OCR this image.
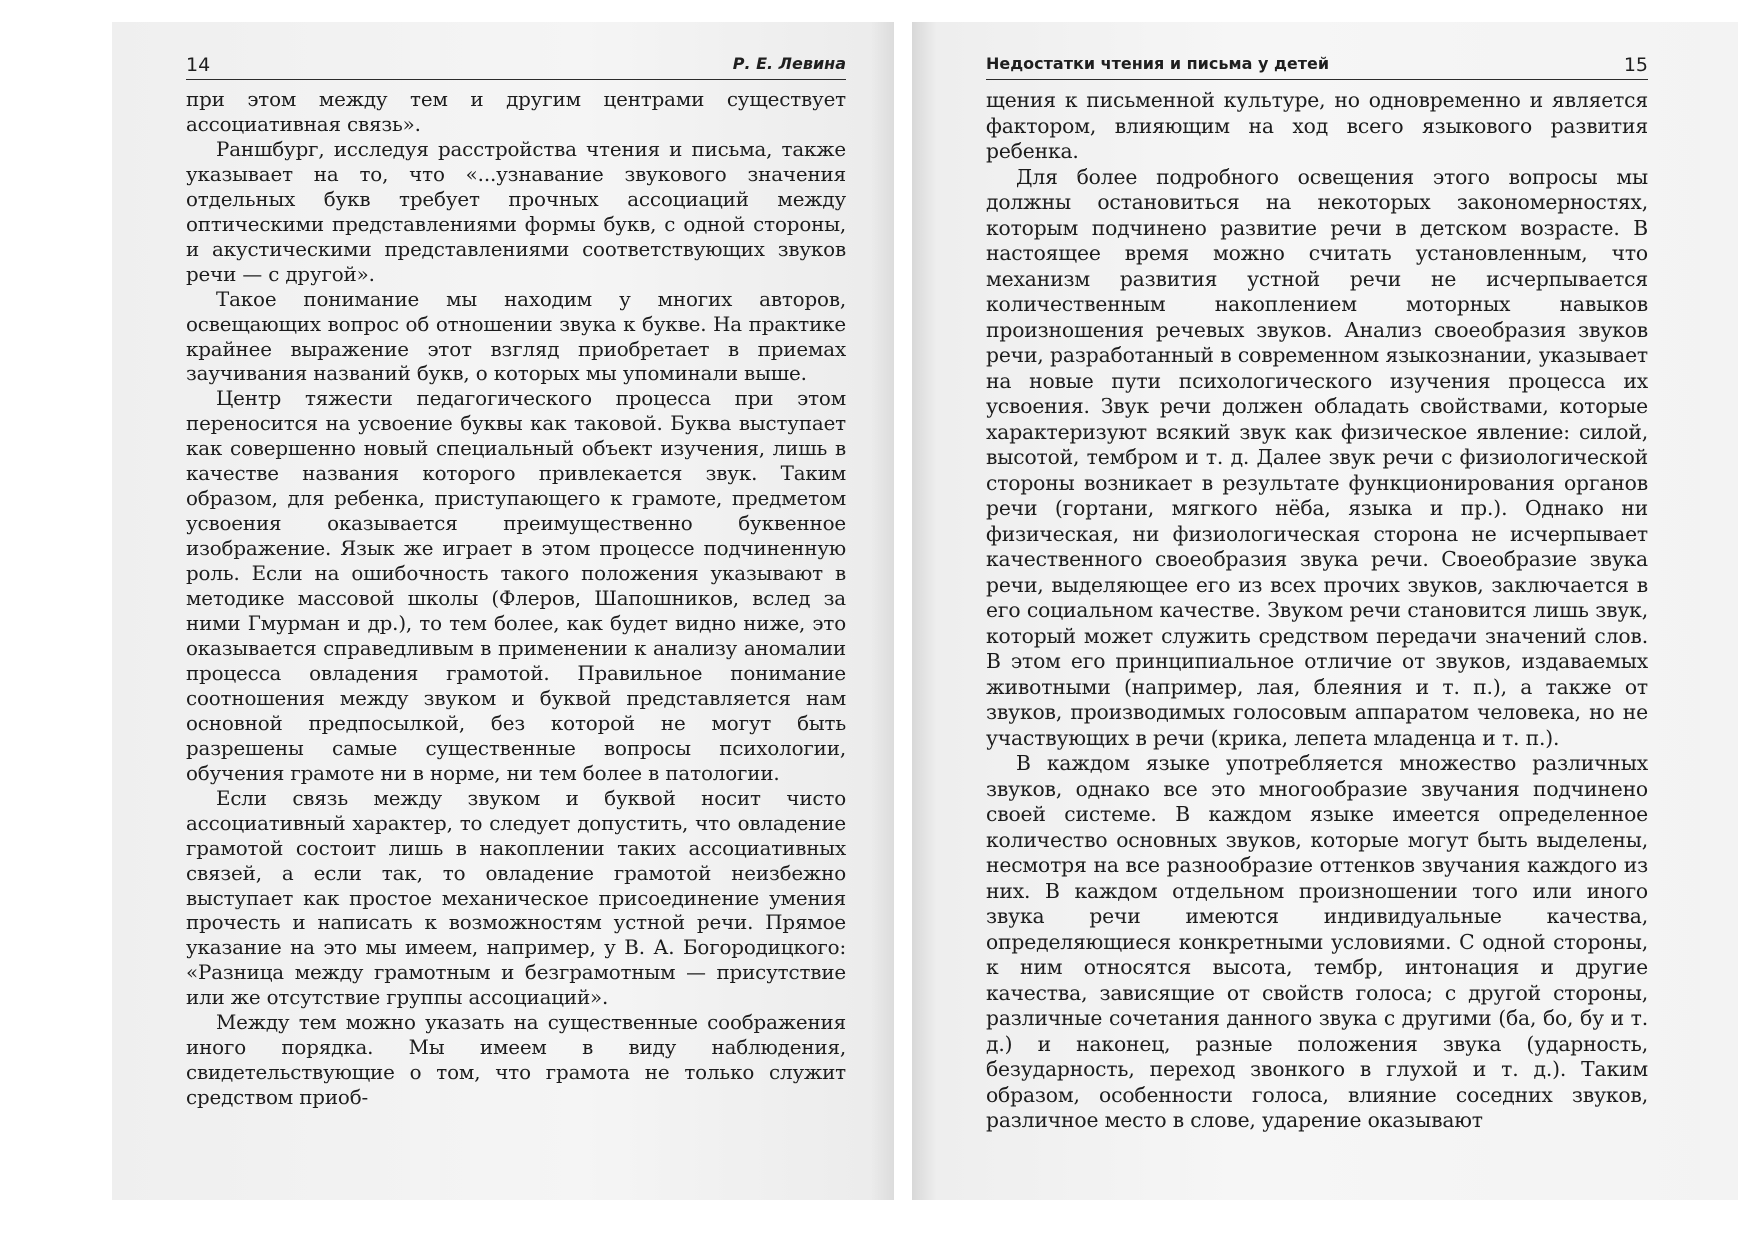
14	Р. Е. Левина	Недостатки чтения и письма у детей	15

при этом между тем и другим центрами существует ассоциативная связь».

Раншбург, исследуя расстройства чтения и письма, также указывает на то, что «...узнавание звукового значения отдельных букв требует прочных ассоциаций между оптическими представлениями формы букв, с одной стороны, и акустическими представлениями соответствующих звуков речи — с другой».

Такое понимание мы находим у многих авторов, освещающих вопрос об отношении звука к букве. На практике крайнее выражение этот взгляд приобретает в приемах заучивания названий букв, о которых мы упоминали выше.

Центр тяжести педагогического процесса при этом переносится на усвоение буквы как таковой. Буква выступает как совершенно новый специальный объект изучения, лишь в качестве названия которого привлекается звук. Таким образом, для ребенка, приступающего к грамоте, предметом усвоения оказывается преимущественно буквенное изображение. Язык же играет в этом процессе подчиненную роль. Если на ошибочность такого положения указывают в методике массовой школы (Флеров, Шапошников, вслед за ними Гмурман и др.), то тем более, как будет видно ниже, это оказывается справедливым в применении к анализу аномалии процесса овладения грамотой. Правильное понимание соотношения между звуком и буквой представляется нам основной предпосылкой, без которой не могут быть разрешены самые существенные вопросы психологии, обучения грамоте ни в норме, ни тем более в патологии.

Если связь между звуком и буквой носит чисто ассоциативный характер, то следует допустить, что овладение грамотой состоит лишь в накоплении таких ассоциативных связей, а если так, то овладение грамотой неизбежно выступает как простое механическое присоединение умения прочесть и написать к возможностям устной речи. Прямое указание на это мы имеем, например, у В. А. Богородицкого: «Разница между грамотным и безграмотным — присутствие или же отсутствие группы ассоциаций».

Между тем можно указать на существенные соображения иного порядка. Мы имеем в виду наблюдения, свидетельствующие о том, что грамота не только служит средством приоб-

щения к письменной культуре, но одновременно и является фактором, влияющим на ход всего языкового развития ребенка.

Для более подробного освещения этого вопросы мы должны остановиться на некоторых закономерностях, которым подчинено развитие речи в детском возрасте. В настоящее время можно считать установленным, что механизм развития устной речи не исчерпывается количественным накоплением моторных навыков произношения речевых звуков. Анализ своеобразия звуков речи, разработанный в современном языкознании, указывает на новые пути психологического изучения процесса их усвоения. Звук речи должен обладать свойствами, которые характеризуют всякий звук как физическое явление: силой, высотой, тембром и т. д. Далее звук речи с физиологической стороны возникает в результате функционирования органов речи (гортани, мягкого нёба, языка и пр.). Однако ни физическая, ни физиологическая сторона не исчерпывает качественного своеобразия звука речи. Своеобразие звука речи, выделяющее его из всех прочих звуков, заключается в его социальном качестве. Звуком речи становится лишь звук, который может служить средством передачи значений слов. В этом его принципиальное отличие от звуков, издаваемых животными (например, лая, блеяния и т. п.), а также от звуков, производимых голосовым аппаратом человека, но не участвующих в речи (крика, лепета младенца и т. п.).

В каждом языке употребляется множество различных звуков, однако все это многообразие звучания подчинено своей системе. В каждом языке имеется определенное количество основных звуков, которые могут быть выделены, несмотря на все разнообразие оттенков звучания каждого из них. В каждом отдельном произношении того или иного звука речи имеются индивидуальные качества, определяющиеся конкретными условиями. С одной стороны, к ним относятся высота, тембр, интонация и другие качества, зависящие от свойств голоса; с другой стороны, различные сочетания данного звука с другими (ба, бо, бу и т. д.) и наконец, разные положения звука (ударность, безударность, переход звонкого в глухой и т. д.). Таким образом, особенности голоса, влияние соседних звуков, различное место в слове, ударение оказывают
